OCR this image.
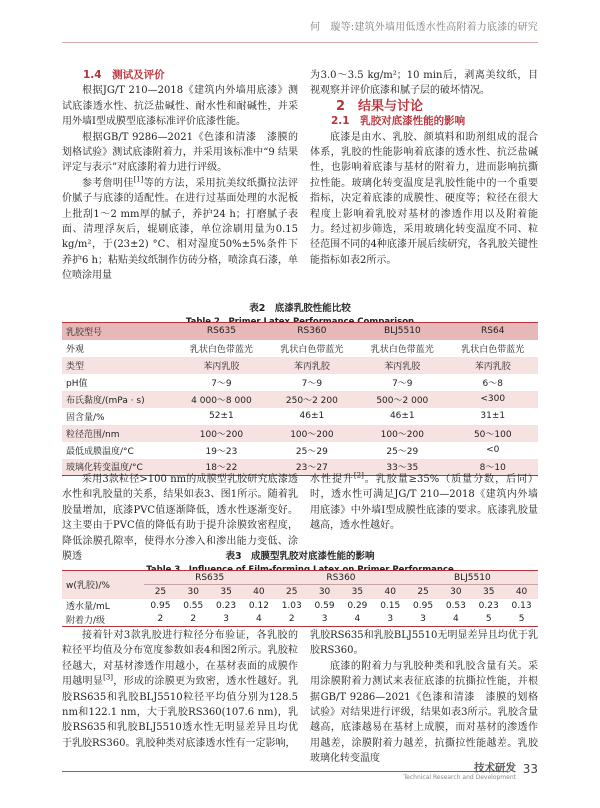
何　璇等:建筑外墙用低透水性高附着力底漆的研究

1.4　测试及评价

根据JG/T 210—2018《建筑内外墙用底漆》测试底漆透水性、抗泛盐碱性、耐水性和耐碱性，并采用外墙Ⅰ型成膜型底漆标准评价底漆性能。

根据GB/T 9286—2021《色漆和清漆　漆膜的划格试验》测试底漆附着力，并采用该标准中“9 结果评定与表示”对底漆附着力进行评级。

参考詹明佳[1]等的方法，采用抗美纹纸撕拉法评价腻子与底漆的适配性。在进行过基面处理的水泥板上批刮1～2 mm厚的腻子，养护24 h；打磨腻子表面、清理浮灰后，辊刷底漆，单位涂刷用量为0.15 kg/m²，于(23±2) °C、相对湿度50%±5%条件下养护6 h；粘贴美纹纸制作仿砖分格，喷涂真石漆，单位喷涂用量

为3.0～3.5 kg/m²；10 min后，剥离美纹纸，目视观察并评价底漆和腻子层的破坏情况。

2　结果与讨论

2.1　乳胶对底漆性能的影响

底漆是由水、乳胶、颜填料和助剂组成的混合体系，乳胶的性能影响着底漆的透水性、抗泛盐碱性，也影响着底漆与基材的附着力，进而影响抗撕拉性能。玻璃化转变温度是乳胶性能中的一个重要指标，决定着底漆的成膜性、硬度等；粒径在很大程度上影响着乳胶对基材的渗透作用以及附着能力。经过初步筛选，采用玻璃化转变温度不同、粒径范围不同的4种底漆开展后续研究，各乳胶关键性能指标如表2所示。

表2　底漆乳胶性能比较
Table 2　Primer Latex Performance Comparison
乳胶型号	RS635	RS360	BLJ5510	RS64
外观	乳状白色带蓝光	乳状白色带蓝光	乳状白色带蓝光	乳状白色带蓝光
类型	苯丙乳胶	苯丙乳胶	苯丙乳胶	苯丙乳胶
pH值	7～9	7～9	7～9	6～8
布氏黏度/(mPa · s)	4 000～8 000	250～2 200	500～2 000	<300
固含量/%	52±1	46±1	46±1	31±1
粒径范围/nm	100～200	100～200	100～200	50～100
最低成膜温度/°C	19～23	25～29	25～29	<0
玻璃化转变温度/°C	18～22	23～27	33～35	8～10

采用3款粒径>100 nm的成膜型乳胶研究底漆透水性和乳胶量的关系，结果如表3、图1所示。随着乳胶量增加，底漆PVC值逐渐降低，透水性逐渐变好。这主要由于PVC值的降低有助于提升涂膜致密程度，降低涂膜孔隙率，使得水分渗入和渗出能力变低、涂膜透

水性提升[2]。乳胶量≥35%（质量分数，后同）时，透水性可满足JG/T 210—2018《建筑内外墙用底漆》中外墙Ⅰ型成膜性底漆的要求。底漆乳胶量越高，透水性越好。

表3　成膜型乳胶对底漆性能的影响
w(乳胶)/%	RS635				RS360				BLJ5510			
	25	30	35	40	25	30	35	40	25	30	35	40
透水量/mL	0.95	0.55	0.23	0.12	1.03	0.59	0.29	0.15	0.95	0.53	0.23	0.13
附着力/级	2	2	3	4	2	3	4	3	3	4	5	5

接着针对3款乳胶进行粒径分布验证，各乳胶的粒径平均值及分布宽度参数如表4和图2所示。乳胶粒径越大，对基材渗透作用越小，在基材表面的成膜作用越明显[3]，形成的涂膜更为致密，透水性越好。乳胶RS635和乳胶BLJ5510粒径平均值分别为128.5 nm和122.1 nm，大于乳胶RS360(107.6 nm)，乳胶RS635和乳胶BLJ5510透水性无明显差异且均优于乳胶RS360。乳胶种类对底漆透水性有一定影响，

乳胶RS635和乳胶BLJ5510无明显差异且均优于乳胶RS360。

底漆的附着力与乳胶种类和乳胶含量有关。采用涂膜附着力测试来表征底漆的抗撕拉性能，并根据GB/T 9286—2021《色漆和清漆　漆膜的划格试验》对结果进行评级，结果如表3所示。乳胶含量越高，底漆越易在基材上成膜，而对基材的渗透作用越差，涂膜附着力越差，抗撕拉性能越差。乳胶玻璃化转变温度

技术研发
Technical Research and Development
33
